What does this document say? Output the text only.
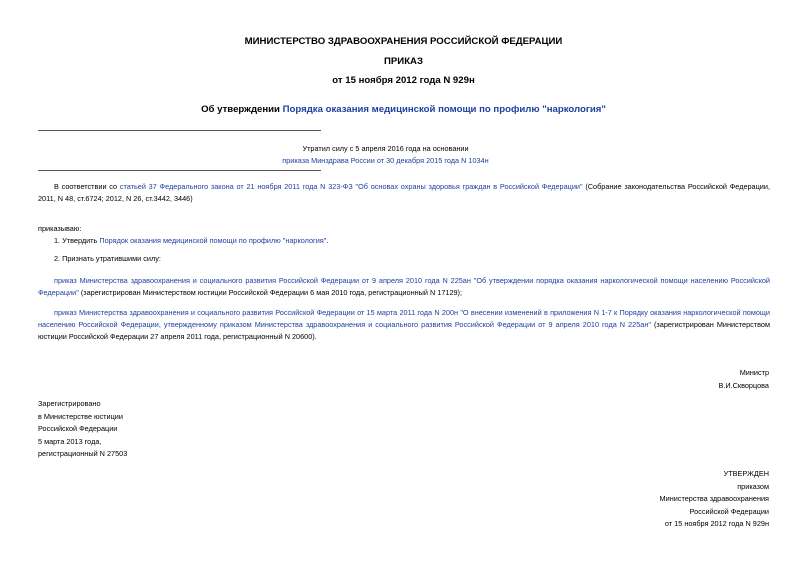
МИНИСТЕРСТВО ЗДРАВООХРАНЕНИЯ РОССИЙСКОЙ ФЕДЕРАЦИИ
ПРИКАЗ
от 15 ноября 2012 года N 929н
Об утверждении Порядка оказания медицинской помощи по профилю "наркология"
Утратил силу с 5 апреля 2016 года на основании
приказа Минздрава России от 30 декабря 2015 года N 1034н
В соответствии со статьей 37 Федерального закона от 21 ноября 2011 года N 323-ФЗ "Об основах охраны здоровья граждан в Российской Федерации" (Собрание законодательства Российской Федерации, 2011, N 48, ст.6724; 2012, N 26, ст.3442, 3446)
приказываю:
1. Утвердить Порядок оказания медицинской помощи по профилю "наркология".
2. Признать утратившими силу:
приказ Министерства здравоохранения и социального развития Российской Федерации от 9 апреля 2010 года N 225ан "Об утверждении порядка оказания наркологической помощи населению Российской Федерации" (зарегистрирован Министерством юстиции Российской Федерации 6 мая 2010 года, регистрационный N 17129);
приказ Министерства здравоохранения и социального развития Российской Федерации от 15 марта 2011 года N 200н "О внесении изменений в приложения N 1-7 к Порядку оказания наркологической помощи населению Российской Федерации, утвержденному приказом Министерства здравоохранения и социального развития Российской Федерации от 9 апреля 2010 года N 225ан" (зарегистрирован Министерством юстиции Российской Федерации 27 апреля 2011 года, регистрационный N 20600).
Министр
В.И.Скворцова
Зарегистрировано
в Министерстве юстиции
Российской Федерации
5 марта 2013 года,
регистрационный N 27503
УТВЕРЖДЕН
приказом
Министерства здравоохранения
Российской Федерации
от 15 ноября 2012 года N 929н
